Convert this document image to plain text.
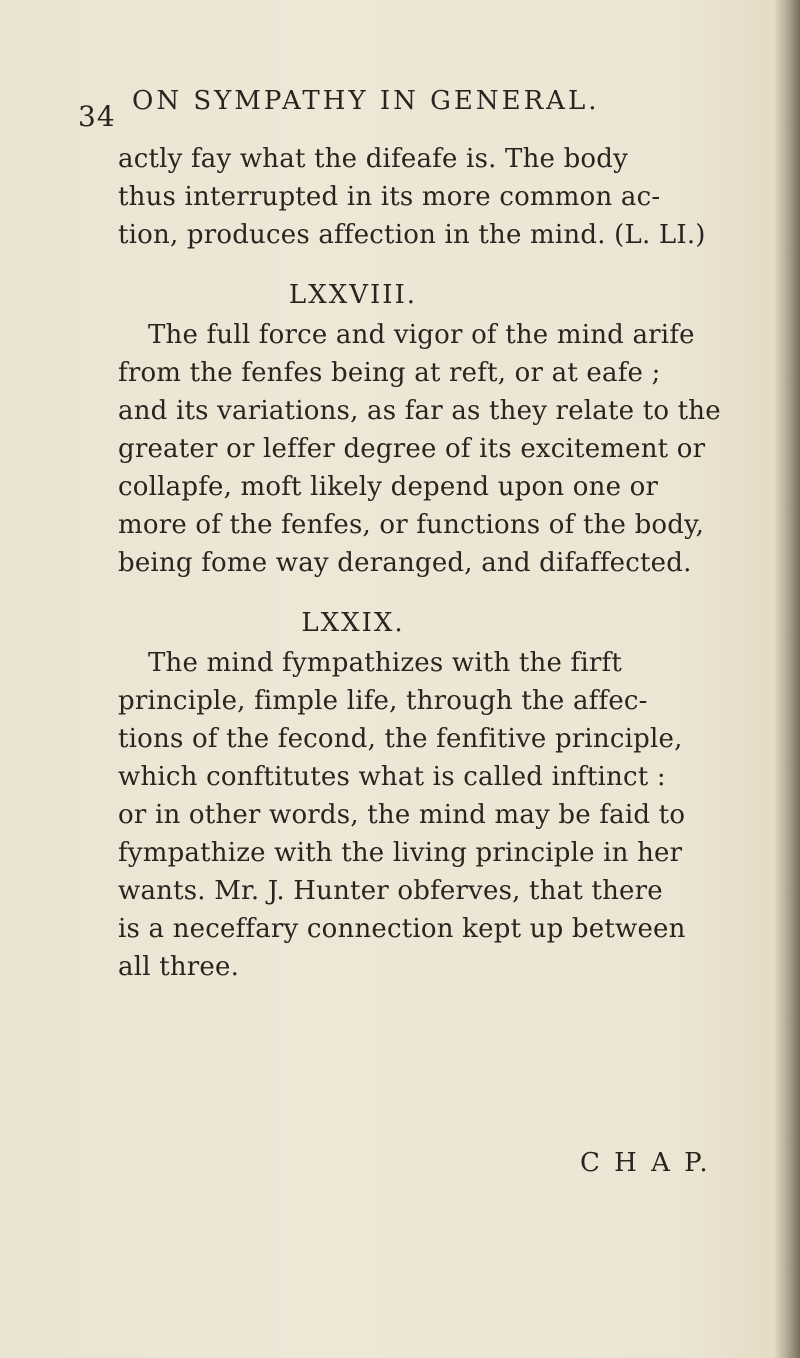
34 ON SYMPATHY IN GENERAL.
actly fay what the difeafe is. The body
thus interrupted in its more common ac-
tion, produces affection in the mind. (L. LI.)
LXXVIII.
The full force and vigor of the mind arife
from the fenfes being at reft, or at eafe ;
and its variations, as far as they relate to the
greater or leffer degree of its excitement or
collapfe, moft likely depend upon one or
more of the fenfes, or functions of the body,
being fome way deranged, and difaffected.
LXXIX.
The mind fympathizes with the firft
principle, fimple life, through the affec-
tions of the fecond, the fenfitive principle,
which conftitutes what is called inftinct :
or in other words, the mind may be faid to
fympathize with the living principle in her
wants. Mr. J. Hunter obferves, that there
is a neceffary connection kept up between
all three.
C H A P.
